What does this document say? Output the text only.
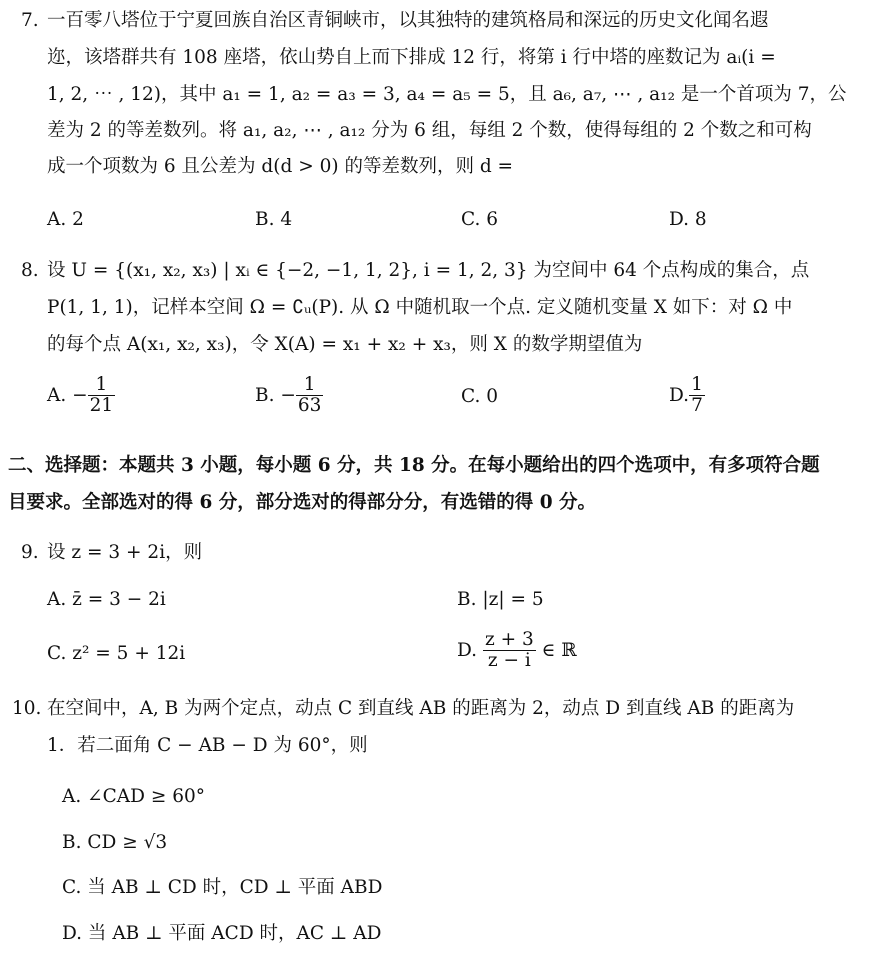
7. 一百零八塔位于宁夏回族自治区青铜峡市，以其独特的建筑格局和深远的历史文化闻名遐
迩，该塔群共有 108 座塔，依山势自上而下排成 12 行，将第 i 行中塔的座数记为 aᵢ(i =
1, 2, ⋯ , 12)，其中 a₁ = 1, a₂ = a₃ = 3, a₄ = a₅ = 5，且 a₆, a₇, ⋯ , a₁₂ 是一个首项为 7，公
差为 2 的等差数列。将 a₁, a₂, ⋯ , a₁₂ 分为 6 组，每组 2 个数，使得每组的 2 个数之和可构
成一个项数为 6 且公差为 d(d > 0) 的等差数列，则 d =
A. 2	B. 4	C. 6	D. 8
8. 设 U = {(x₁, x₂, x₃) | xᵢ ∈ {−2, −1, 1, 2}, i = 1, 2, 3} 为空间中 64 个点构成的集合，点
P(1, 1, 1)，记样本空间 Ω = ∁ᵤ(P). 从 Ω 中随机取一个点. 定义随机变量 X 如下：对 Ω 中
的每个点 A(x₁, x₂, x₃)，令 X(A) = x₁ + x₂ + x₃，则 X 的数学期望值为
A. − $\frac{1}{21}$	B. − $\frac{1}{63}$	C. 0	D. $\frac{1}{7}$
二、选择题：本题共 3 小题，每小题 6 分，共 18 分。在每小题给出的四个选项中，有多项符合题
目要求。全部选对的得 6 分，部分选对的得部分分，有选错的得 0 分。
9. 设 z = 3 + 2i，则
A. z̄ = 3 − 2i	B. |z| = 5
C. z² = 5 + 12i	D. $\frac{z + 3}{z - i}$ ∈ ℝ
10. 在空间中，A, B 为两个定点，动点 C 到直线 AB 的距离为 2，动点 D 到直线 AB 的距离为
1．若二面角 C − AB − D 为 60°，则
A. ∠CAD ≥ 60°
B. CD ≥ √3
C. 当 AB ⊥ CD 时，CD ⊥ 平面 ABD
D. 当 AB ⊥ 平面 ACD 时，AC ⊥ AD
